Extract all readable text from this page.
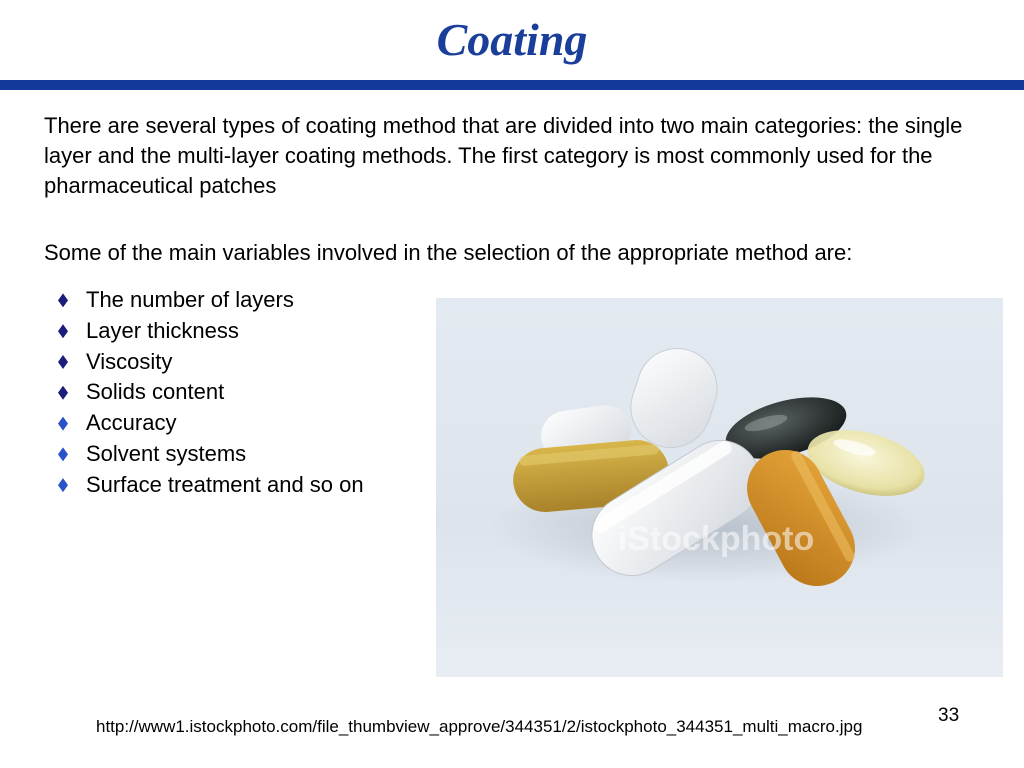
Coating
There are several types of coating method that are divided into two main categories: the single layer and the multi-layer coating methods. The first category is most commonly used for the pharmaceutical patches
Some of the main variables involved in the selection of the appropriate method are:
The number of layers
Layer thickness
Viscosity
Solids content
Accuracy
Solvent systems
Surface treatment and so on
iStockphoto
33
http://www1.istockphoto.com/file_thumbview_approve/344351/2/istockphoto_344351_multi_macro.jpg
